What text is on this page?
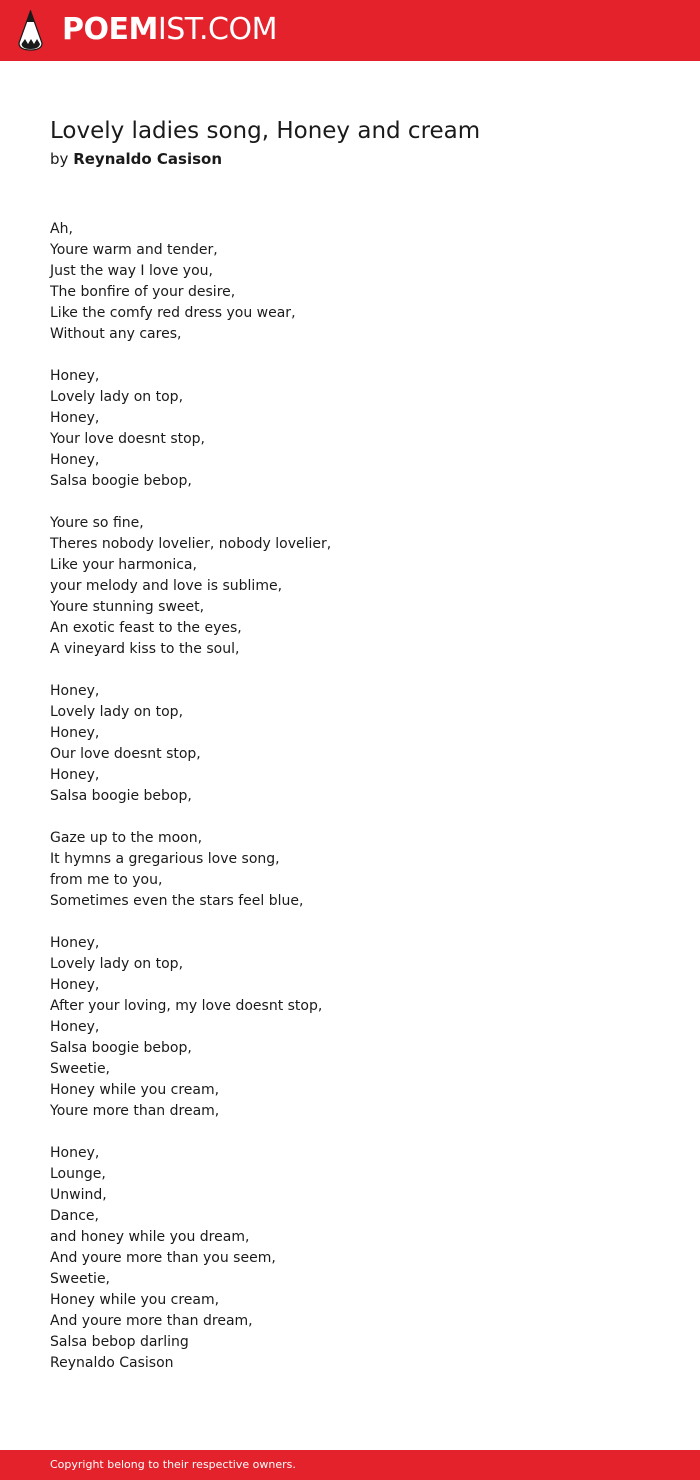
POEMIST.COM
Lovely ladies song, Honey and cream
by Reynaldo Casison
Ah,
Youre warm and tender,
Just the way I love you,
The bonfire of your desire,
Like the comfy red dress you wear,
Without any cares,
Honey,
Lovely lady on top,
Honey,
Your love doesnt stop,
Honey,
Salsa boogie bebop,
Youre so fine,
Theres nobody lovelier, nobody lovelier,
Like your harmonica,
your melody and love is sublime,
Youre stunning sweet,
An exotic feast to the eyes,
A vineyard kiss to the soul,
Honey,
Lovely lady on top,
Honey,
Our love doesnt stop,
Honey,
Salsa boogie bebop,
Gaze up to the moon,
It hymns a gregarious love song,
from me to you,
Sometimes even the stars feel blue,
Honey,
Lovely lady on top,
Honey,
After your loving, my love doesnt stop,
Honey,
Salsa boogie bebop,
Sweetie,
Honey while you cream,
Youre more than dream,
Honey,
Lounge,
Unwind,
Dance,
and honey while you dream,
And youre more than you seem,
Sweetie,
Honey while you cream,
And youre more than dream,
Salsa bebop darling
Reynaldo Casison
Copyright belong to their respective owners.
